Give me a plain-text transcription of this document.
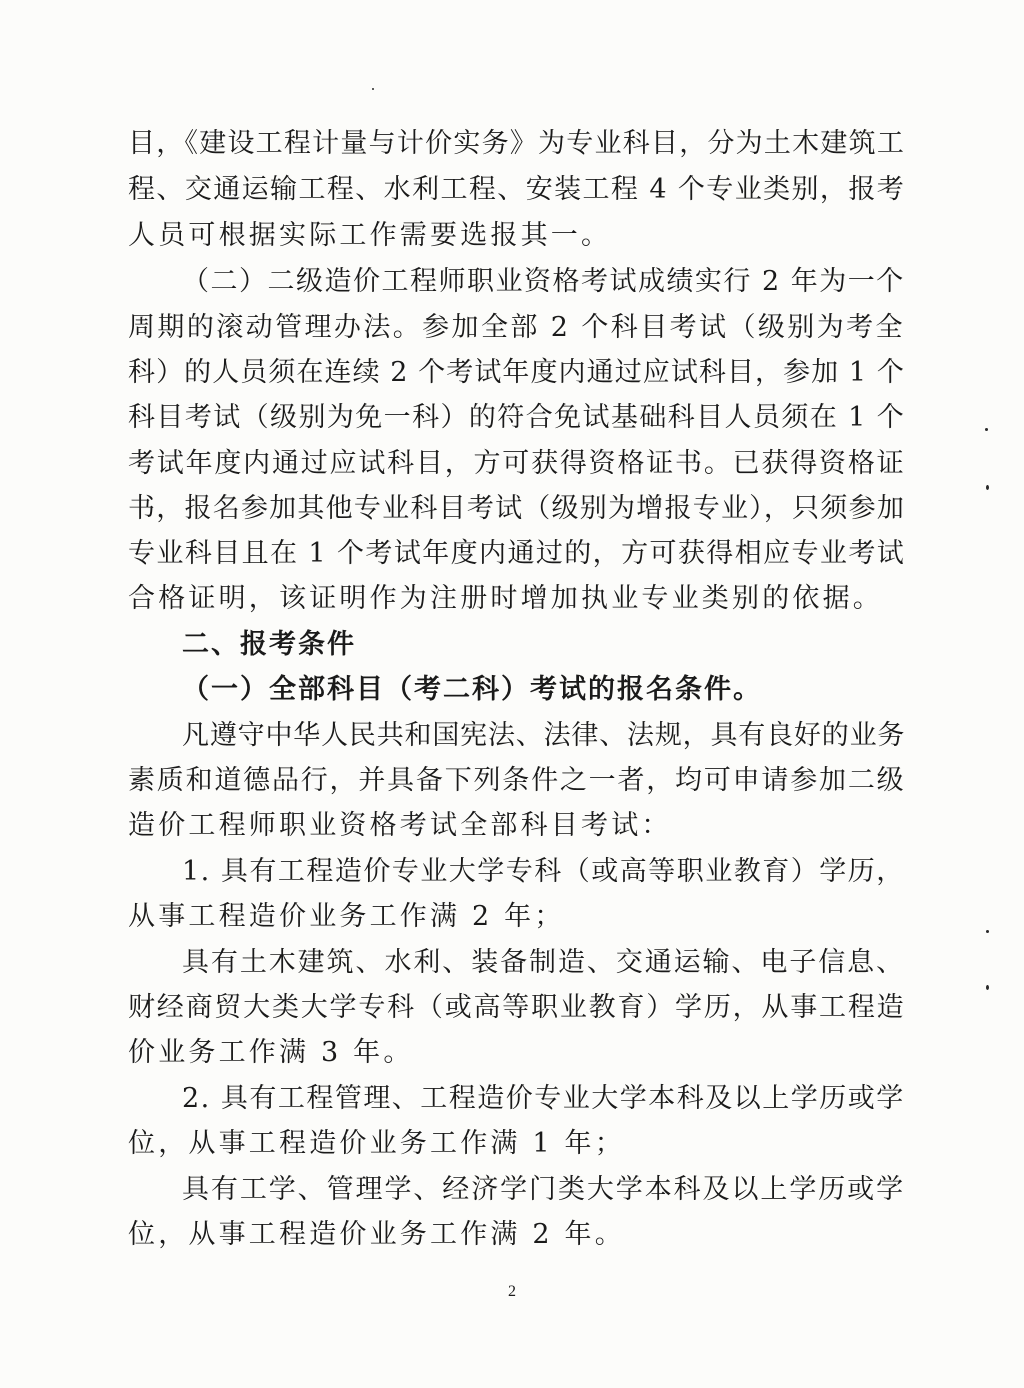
目，《建设工程计量与计价实务》为专业科目，分为土木建筑工
程、交通运输工程、水利工程、安装工程 4 个专业类别，报考
人员可根据实际工作需要选报其一。
（二）二级造价工程师职业资格考试成绩实行 2 年为一个
周期的滚动管理办法。参加全部 2 个科目考试（级别为考全
科）的人员须在连续 2 个考试年度内通过应试科目，参加 1 个
科目考试（级别为免一科）的符合免试基础科目人员须在 1 个
考试年度内通过应试科目，方可获得资格证书。已获得资格证
书，报名参加其他专业科目考试（级别为增报专业），只须参加
专业科目且在 1 个考试年度内通过的，方可获得相应专业考试
合格证明，该证明作为注册时增加执业专业类别的依据。
二、报考条件
（一）全部科目（考二科）考试的报名条件。
凡遵守中华人民共和国宪法、法律、法规，具有良好的业务
素质和道德品行，并具备下列条件之一者，均可申请参加二级
造价工程师职业资格考试全部科目考试：
1. 具有工程造价专业大学专科（或高等职业教育）学历，
从事工程造价业务工作满 2 年；
具有土木建筑、水利、装备制造、交通运输、电子信息、
财经商贸大类大学专科（或高等职业教育）学历，从事工程造
价业务工作满 3 年。
2. 具有工程管理、工程造价专业大学本科及以上学历或学
位，从事工程造价业务工作满 1 年；
具有工学、管理学、经济学门类大学本科及以上学历或学
位，从事工程造价业务工作满 2 年。
2
